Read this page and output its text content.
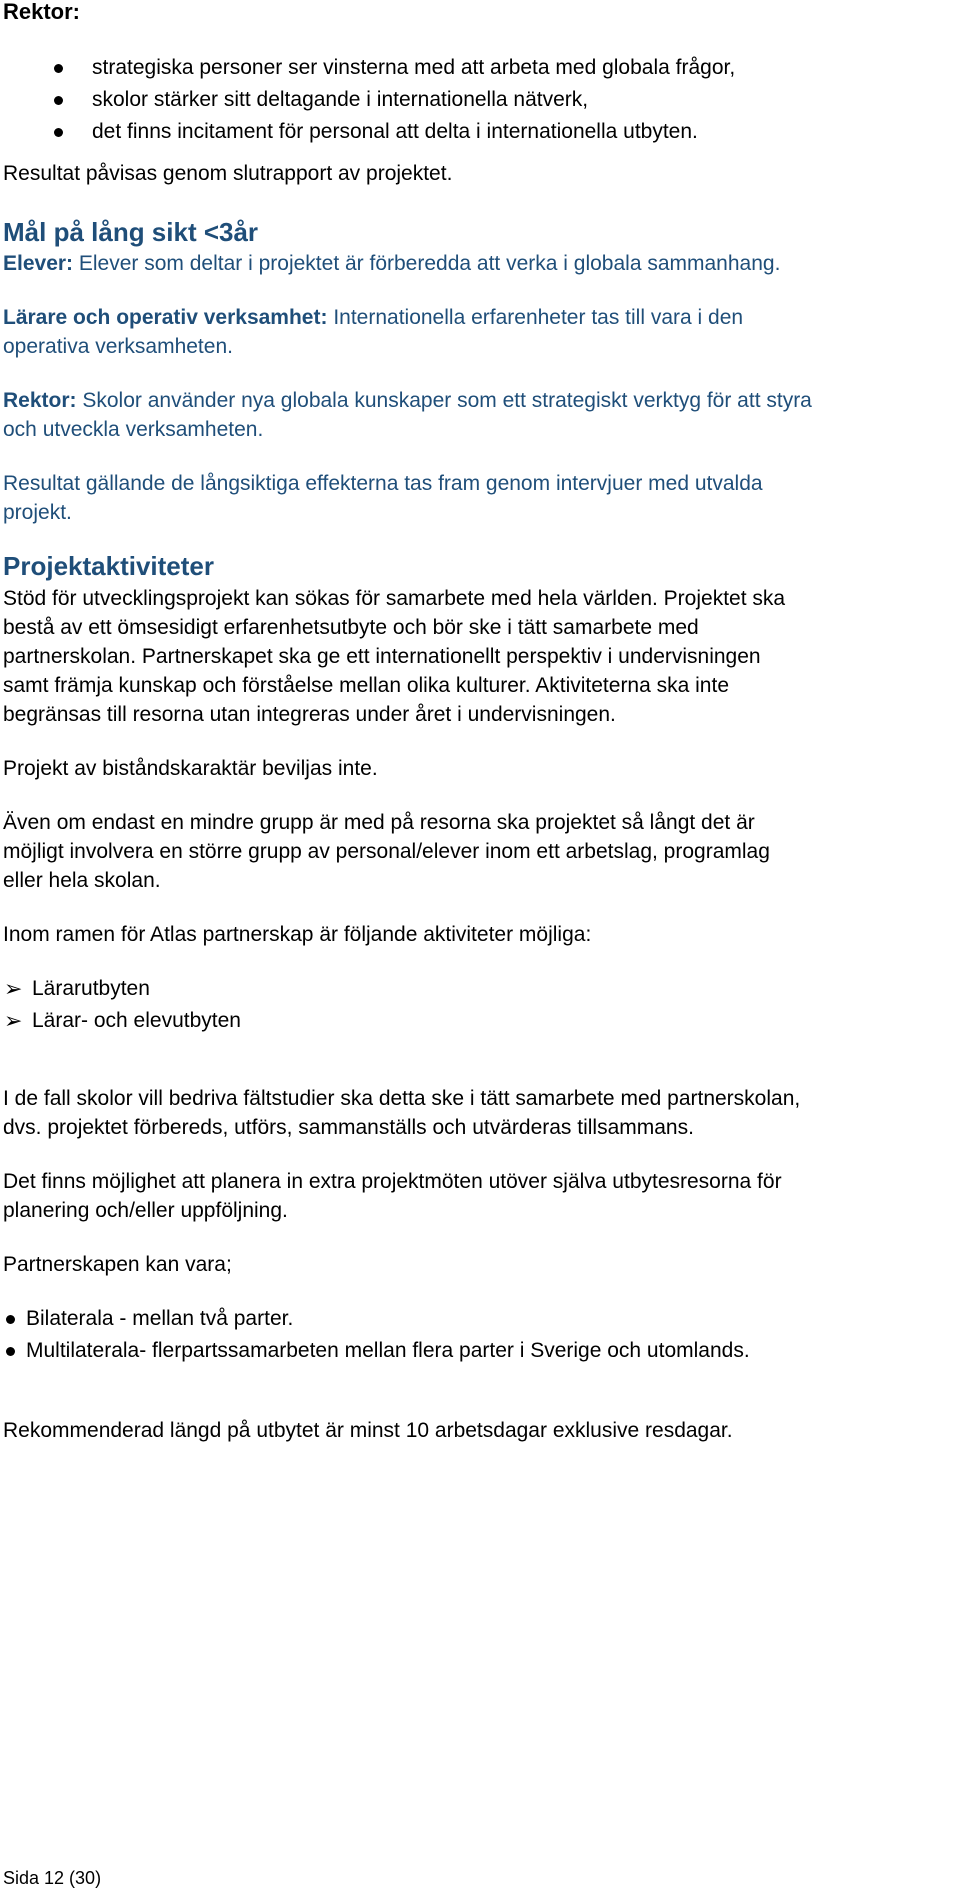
Rektor:

strategiska personer ser vinsterna med att arbeta med globala frågor,
skolor stärker sitt deltagande i internationella nätverk,
det finns incitament för personal att delta i internationella utbyten.

Resultat påvisas genom slutrapport av projektet.

Mål på lång sikt <3år

Elever: Elever som deltar i projektet är förberedda att verka i globala sammanhang.

Lärare och operativ verksamhet: Internationella erfarenheter tas till vara i den

operativa verksamheten.

Rektor: Skolor använder nya globala kunskaper som ett strategiskt verktyg för att styra

och utveckla verksamheten.

Resultat gällande de långsiktiga effekterna tas fram genom intervjuer med utvalda

projekt.

Projektaktiviteter

Stöd för utvecklingsprojekt kan sökas för samarbete med hela världen. Projektet ska

bestå av ett ömsesidigt erfarenhetsutbyte och bör ske i tätt samarbete med

partnerskolan. Partnerskapet ska ge ett internationellt perspektiv i undervisningen

samt främja kunskap och förståelse mellan olika kulturer. Aktiviteterna ska inte

begränsas till resorna utan integreras under året i undervisningen.

Projekt av biståndskaraktär beviljas inte.

Även om endast en mindre grupp är med på resorna ska projektet så långt det är

möjligt involvera en större grupp av personal/elever inom ett arbetslag, programlag

eller hela skolan.

Inom ramen för Atlas partnerskap är följande aktiviteter möjliga:

➢ Lärarutbyten
➢ Lärar- och elevutbyten

I de fall skolor vill bedriva fältstudier ska detta ske i tätt samarbete med partnerskolan,

dvs. projektet förbereds, utförs, sammanställs och utvärderas tillsammans.

Det finns möjlighet att planera in extra projektmöten utöver själva utbytesresorna för

planering och/eller uppföljning.

Partnerskapen kan vara;

Bilaterala - mellan två parter.
Multilaterala- flerpartssamarbeten mellan flera parter i Sverige och utomlands.

Rekommenderad längd på utbytet är minst 10 arbetsdagar exklusive resdagar.

Sida 12 (30)
